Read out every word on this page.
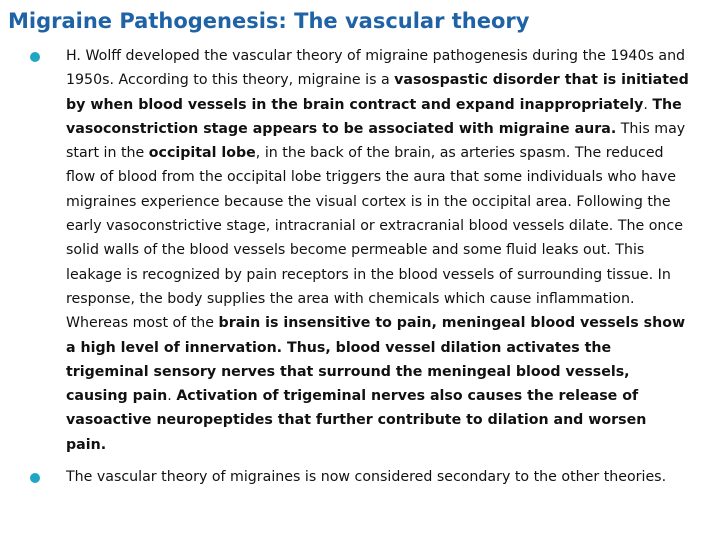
Migraine Pathogenesis: The vascular theory
H. Wolff developed the vascular theory of migraine pathogenesis during the 1940s and 1950s. According to this theory, migraine is a vasospastic disorder that is initiated by when blood vessels in the brain contract and expand inappropriately. The vasoconstriction stage appears to be associated with migraine aura. This may start in the occipital lobe, in the back of the brain, as arteries spasm. The reduced flow of blood from the occipital lobe triggers the aura that some individuals who have migraines experience because the visual cortex is in the occipital area. Following the early vasoconstrictive stage, intracranial or extracranial blood vessels dilate. The once solid walls of the blood vessels become permeable and some fluid leaks out. This leakage is recognized by pain receptors in the blood vessels of surrounding tissue. In response, the body supplies the area with chemicals which cause inflammation. Whereas most of the brain is insensitive to pain, meningeal blood vessels show a high level of innervation. Thus, blood vessel dilation activates the trigeminal sensory nerves that surround the meningeal blood vessels, causing pain. Activation of trigeminal nerves also causes the release of vasoactive neuropeptides that further contribute to dilation and worsen pain.
The vascular theory of migraines is now considered secondary to the other theories.
